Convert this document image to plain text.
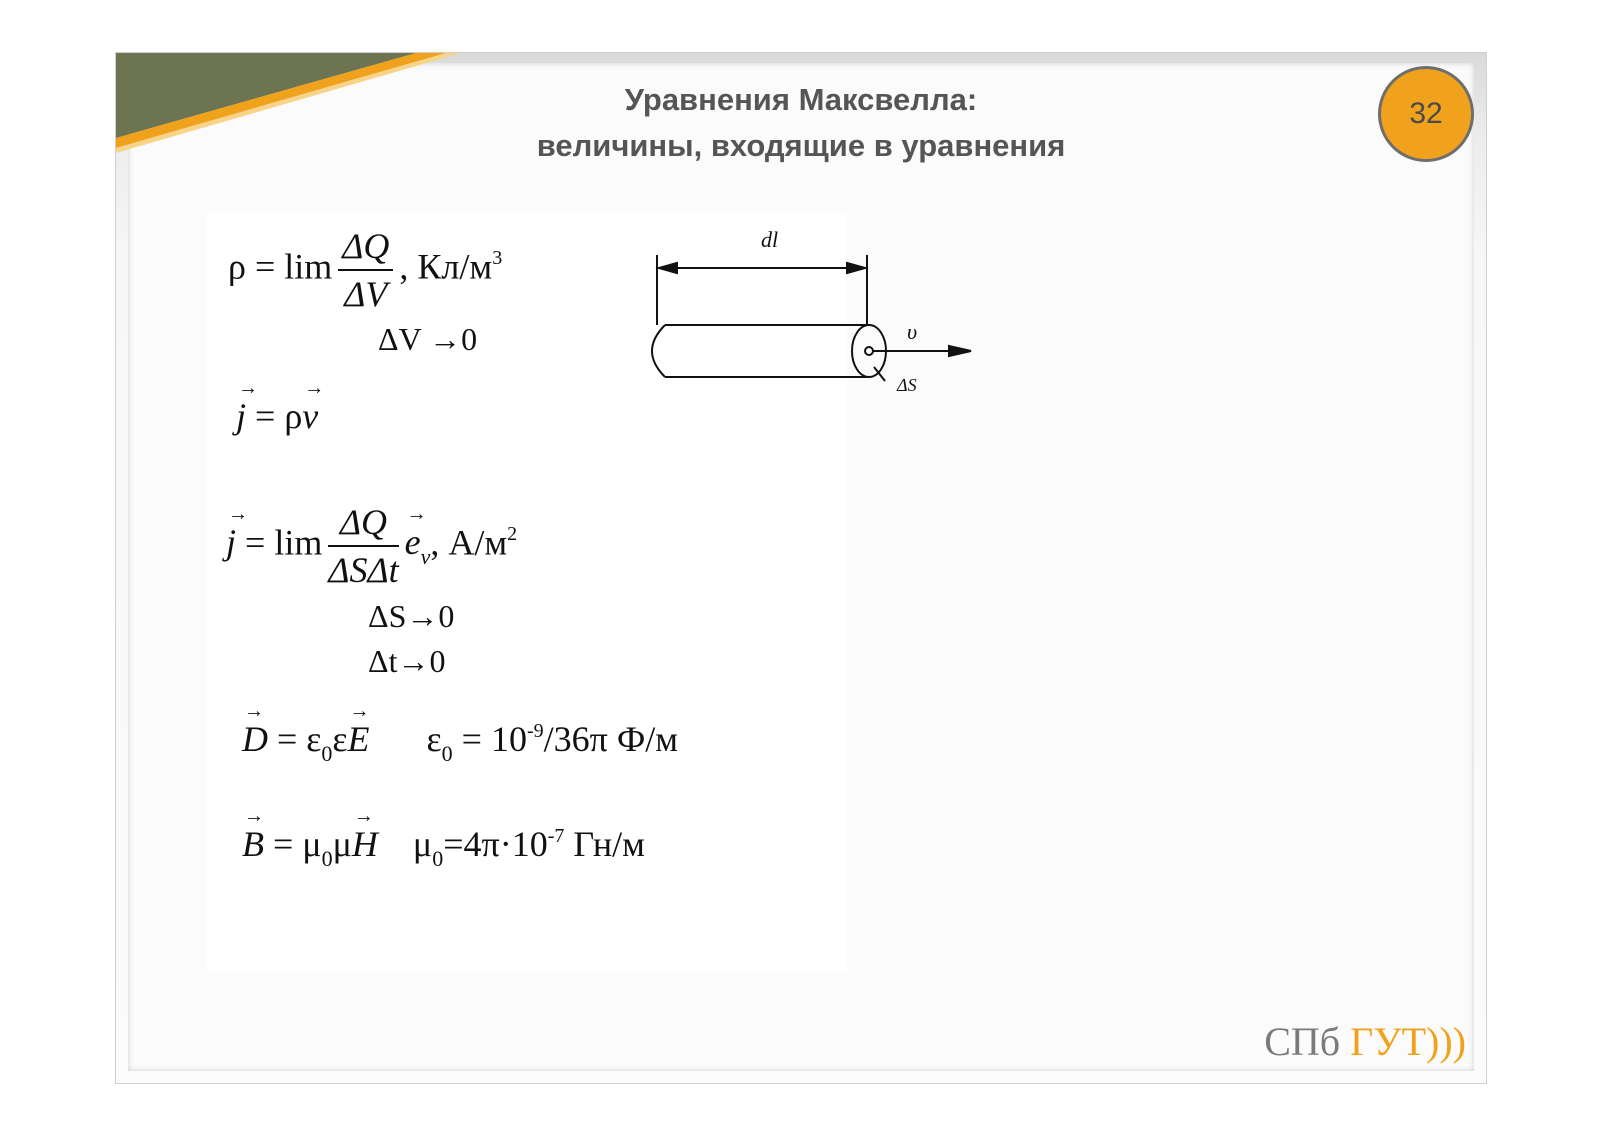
Уравнения Максвелла:
величины, входящие в уравнения
32
$\rho = \lim \frac{\Delta Q}{\Delta V}$ , $Кл/м^3$
ΔV →0
→ j = ρ→ v
→ $j = \lim \frac{\Delta Q}{\text{ΔSΔt}}$
→ $e_v$, $А/м^2$
ΔS→0
Δt→0
→ $D = \varepsilon_0\varepsilon\to E$ $\varepsilon_0 = 10^{-9}/36\pi$ Ф/м
→ $B = \mu_0\mu\to H$ $\mu_0=4\pi\cdot 10^{-7}$ Гн/м
dl
υ
ΔS
СПб ГУТ)))
